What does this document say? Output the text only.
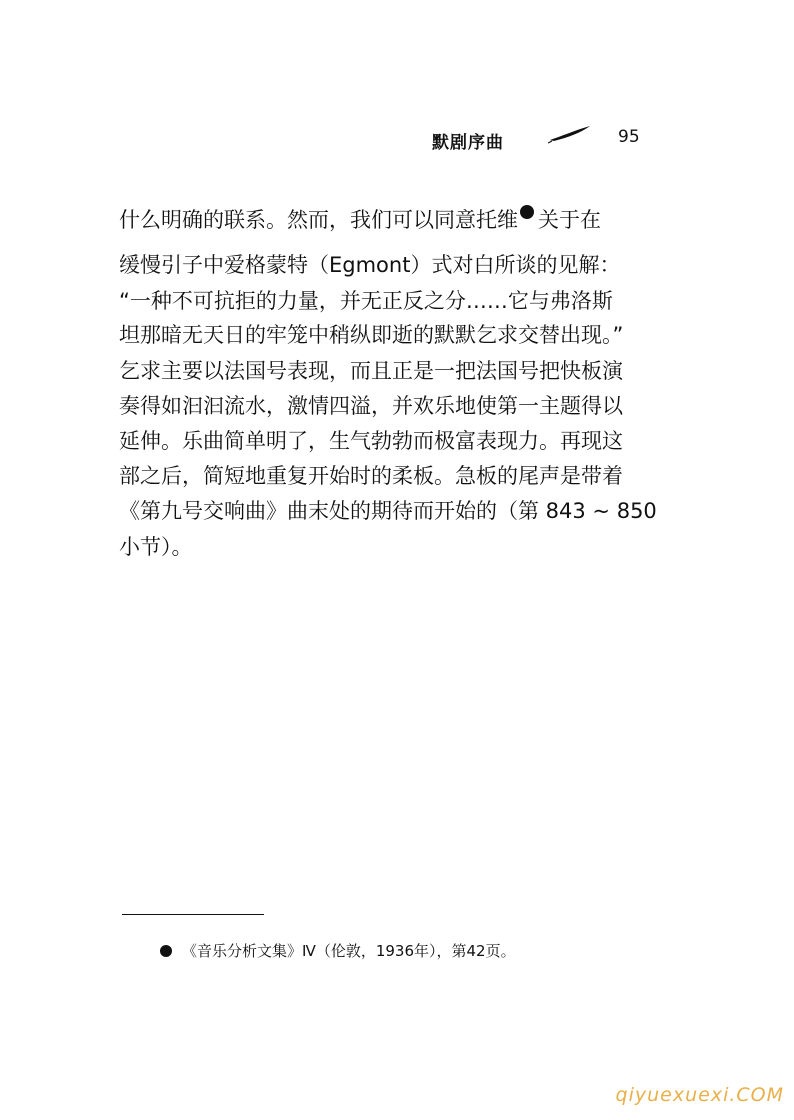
默剧序曲	95
什么明确的联系。然而，我们可以同意托维 关于在
缓慢引子中爱格蒙特（Egmont）式对白所谈的见解：
“一种不可抗拒的力量，并无正反之分……它与弗洛斯
坦那暗无天日的牢笼中稍纵即逝的默默乞求交替出现。”
乞求主要以法国号表现，而且正是一把法国号把快板演
奏得如汩汩流水，激情四溢，并欢乐地使第一主题得以
延伸。乐曲简单明了，生气勃勃而极富表现力。再现这
部之后，简短地重复开始时的柔板。急板的尾声是带着
《第九号交响曲》曲末处的期待而开始的（第 843 ~ 850
小节）。
《音乐分析文集》Ⅳ（伦敦，1936年），第42页。
qiyuexuexi.COM
